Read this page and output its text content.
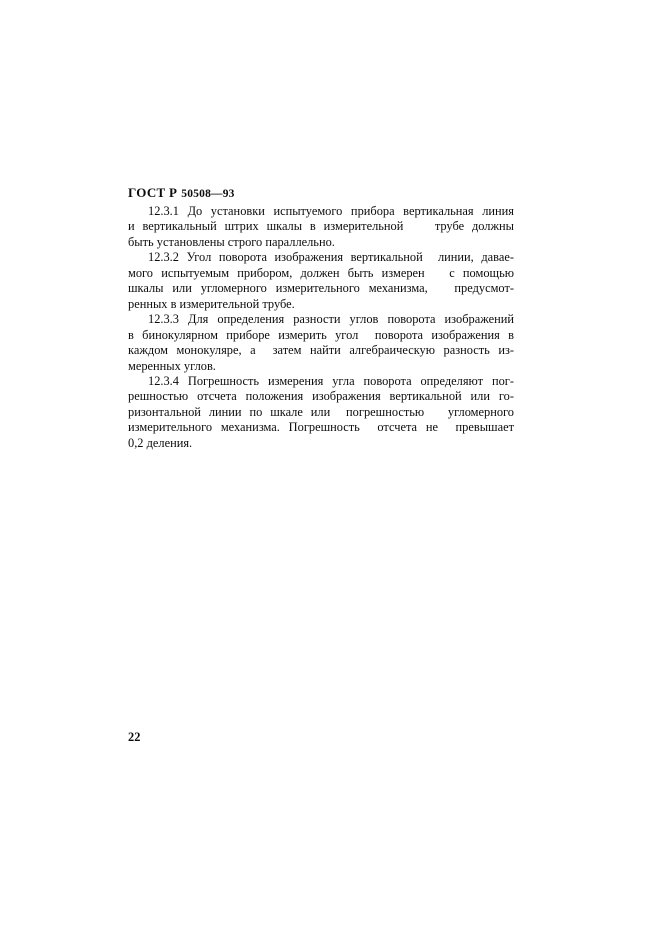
ГОСТ Р 50508—93

12.3.1 До установки испытуемого прибора вертикальная линия
и вертикальный штрих шкалы в измерительной    трубе должны
быть установлены строго параллельно.

12.3.2 Угол поворота изображения вертикальной  линии, давае-
мого испытуемым прибором, должен быть измерен   с помощью
шкалы или угломерного измерительного механизма,   предусмот-
ренных в измерительной трубе.

12.3.3 Для определения разности углов поворота изображений
в бинокулярном приборе измерить угол  поворота изображения в
каждом монокуляре, а  затем найти алгебраическую разность из-
меренных углов.

12.3.4 Погрешность измерения угла поворота определяют пог-
решностью отсчета положения изображения вертикальной или го-
ризонтальной линии по шкале или  погрешностью   угломерного
измерительного механизма. Погрешность  отсчета не  превышает
0,2 деления.

22
